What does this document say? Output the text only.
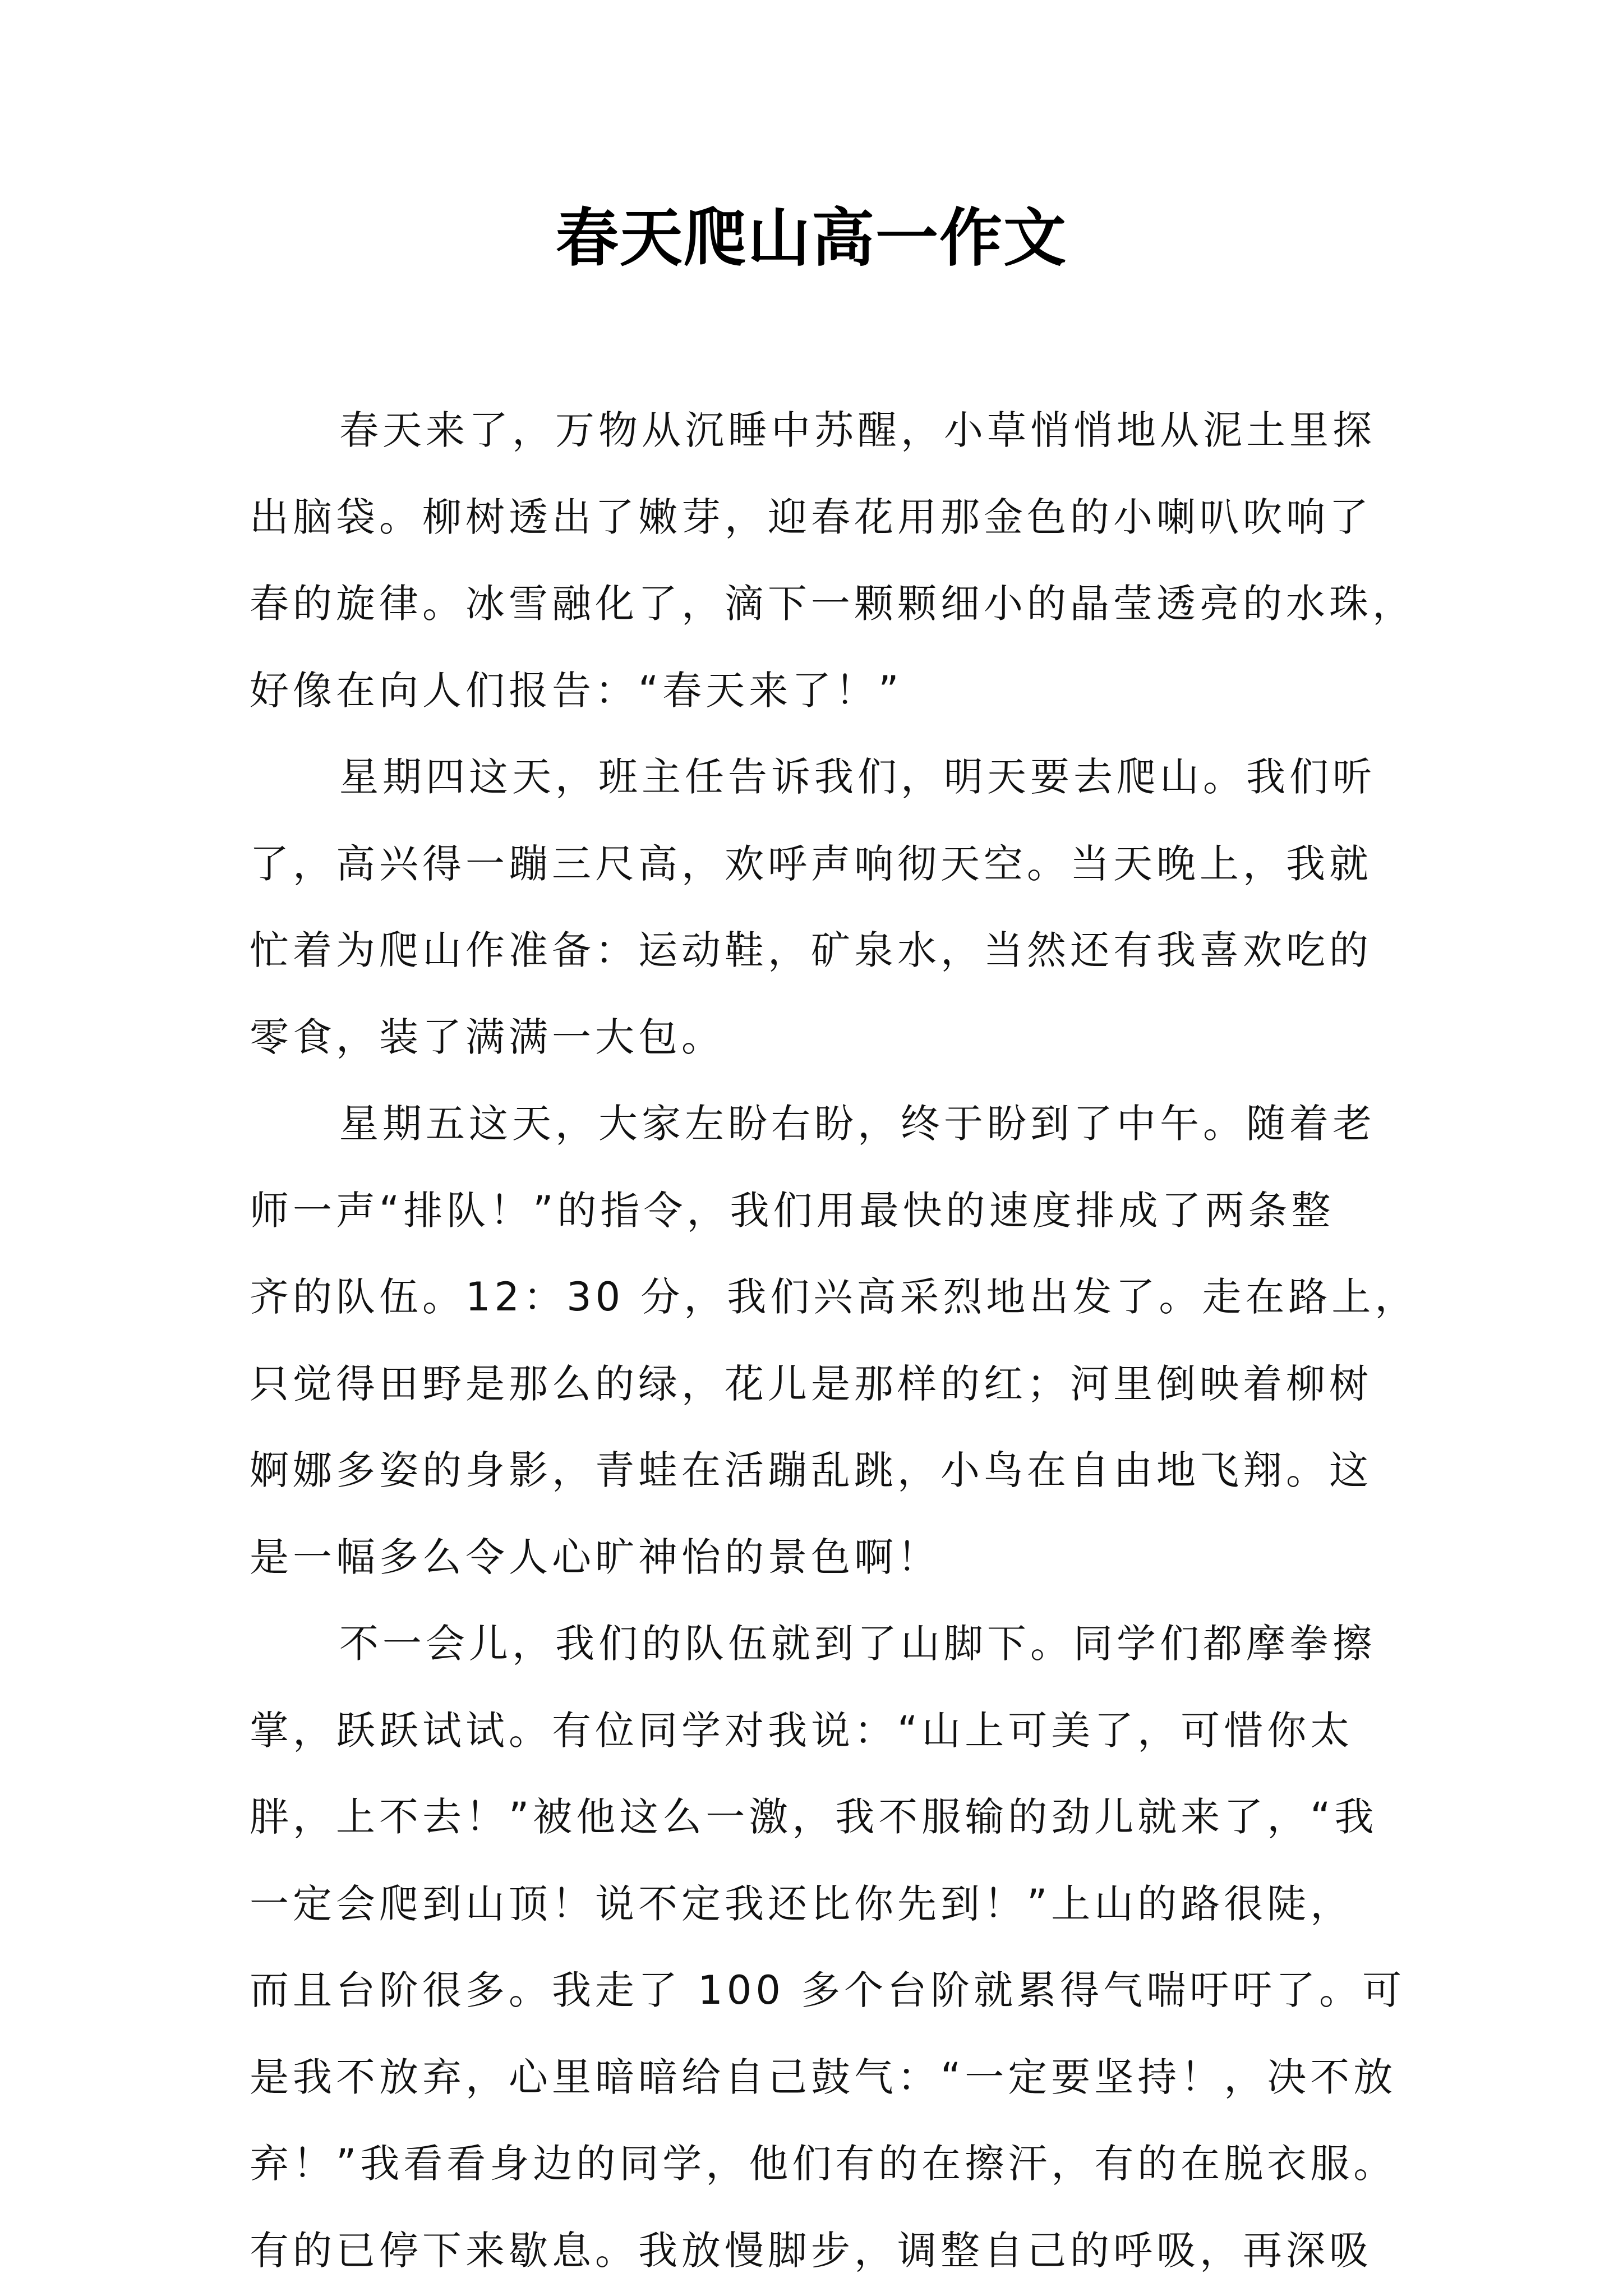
春天爬山高一作文
春天来了，万物从沉睡中苏醒，小草悄悄地从泥土里探
出脑袋。柳树透出了嫩芽，迎春花用那金色的小喇叭吹响了
春的旋律。冰雪融化了，滴下一颗颗细小的晶莹透亮的水珠，
好像在向人们报告：“春天来了！”
星期四这天，班主任告诉我们，明天要去爬山。我们听
了，高兴得一蹦三尺高，欢呼声响彻天空。当天晚上，我就
忙着为爬山作准备：运动鞋，矿泉水，当然还有我喜欢吃的
零食，装了满满一大包。
星期五这天，大家左盼右盼，终于盼到了中午。随着老
师一声“排队！”的指令，我们用最快的速度排成了两条整
齐的队伍。12：30 分，我们兴高采烈地出发了。走在路上，
只觉得田野是那么的绿，花儿是那样的红；河里倒映着柳树
婀娜多姿的身影，青蛙在活蹦乱跳，小鸟在自由地飞翔。这
是一幅多么令人心旷神怡的景色啊！
不一会儿，我们的队伍就到了山脚下。同学们都摩拳擦
掌，跃跃试试。有位同学对我说：“山上可美了，可惜你太
胖，上不去！”被他这么一激，我不服输的劲儿就来了，“我
一定会爬到山顶！说不定我还比你先到！”上山的路很陡，
而且台阶很多。我走了 100 多个台阶就累得气喘吁吁了。可
是我不放弃，心里暗暗给自己鼓气：“一定要坚持！，决不放
弃！”我看看身边的同学，他们有的在擦汗，有的在脱衣服。
有的已停下来歇息。我放慢脚步，调整自己的呼吸，再深吸
